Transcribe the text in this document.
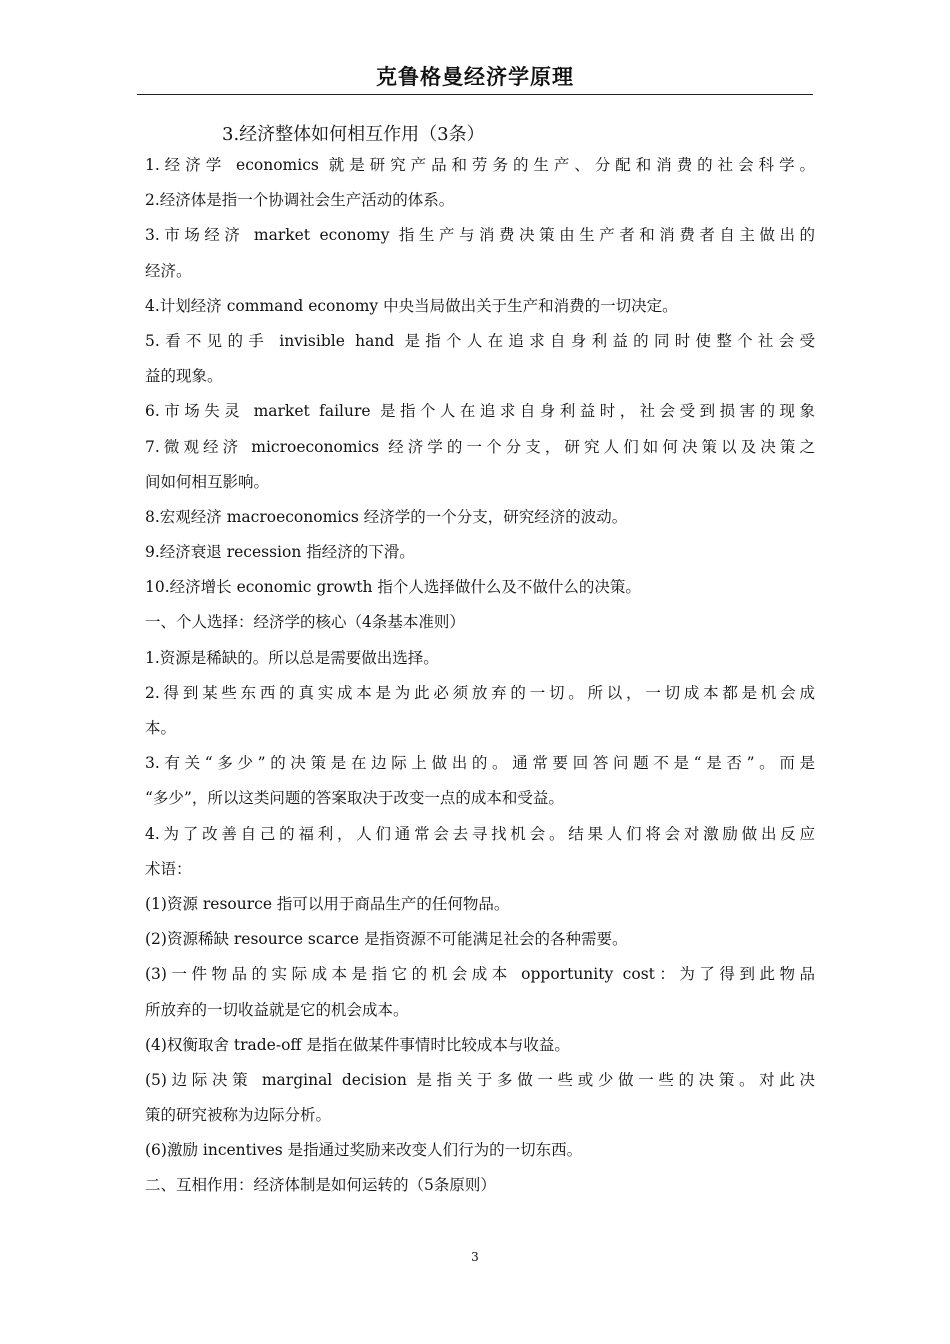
克鲁格曼经济学原理
3.经济整体如何相互作用（3条）
1.经济学 economics 就是研究产品和劳务的生产、分配和消费的社会科学。
2.经济体是指一个协调社会生产活动的体系。
3.市场经济 market economy 指生产与消费决策由生产者和消费者自主做出的
经济。
4.计划经济 command economy 中央当局做出关于生产和消费的一切决定。
5.看不见的手 invisible hand 是指个人在追求自身利益的同时使整个社会受
益的现象。
6.市场失灵 market failure 是指个人在追求自身利益时，社会受到损害的现象
7.微观经济 microeconomics 经济学的一个分支，研究人们如何决策以及决策之
间如何相互影响。
8.宏观经济 macroeconomics 经济学的一个分支，研究经济的波动。
9.经济衰退 recession 指经济的下滑。
10.经济增长 economic growth 指个人选择做什么及不做什么的决策。
一、个人选择：经济学的核心（4条基本准则）
1.资源是稀缺的。所以总是需要做出选择。
2.得到某些东西的真实成本是为此必须放弃的一切。所以，一切成本都是机会成
本。
3.有关“多少”的决策是在边际上做出的。通常要回答问题不是“是否”。而是
“多少”，所以这类问题的答案取决于改变一点的成本和受益。
4.为了改善自己的福利，人们通常会去寻找机会。结果人们将会对激励做出反应
术语：
(1)资源 resource 指可以用于商品生产的任何物品。
(2)资源稀缺 resource scarce 是指资源不可能满足社会的各种需要。
(3)一件物品的实际成本是指它的机会成本 opportunity cost：为了得到此物品
所放弃的一切收益就是它的机会成本。
(4)权衡取舍 trade-off 是指在做某件事情时比较成本与收益。
(5)边际决策 marginal decision 是指关于多做一些或少做一些的决策。对此决
策的研究被称为边际分析。
(6)激励 incentives 是指通过奖励来改变人们行为的一切东西。
二、互相作用：经济体制是如何运转的（5条原则）
3
